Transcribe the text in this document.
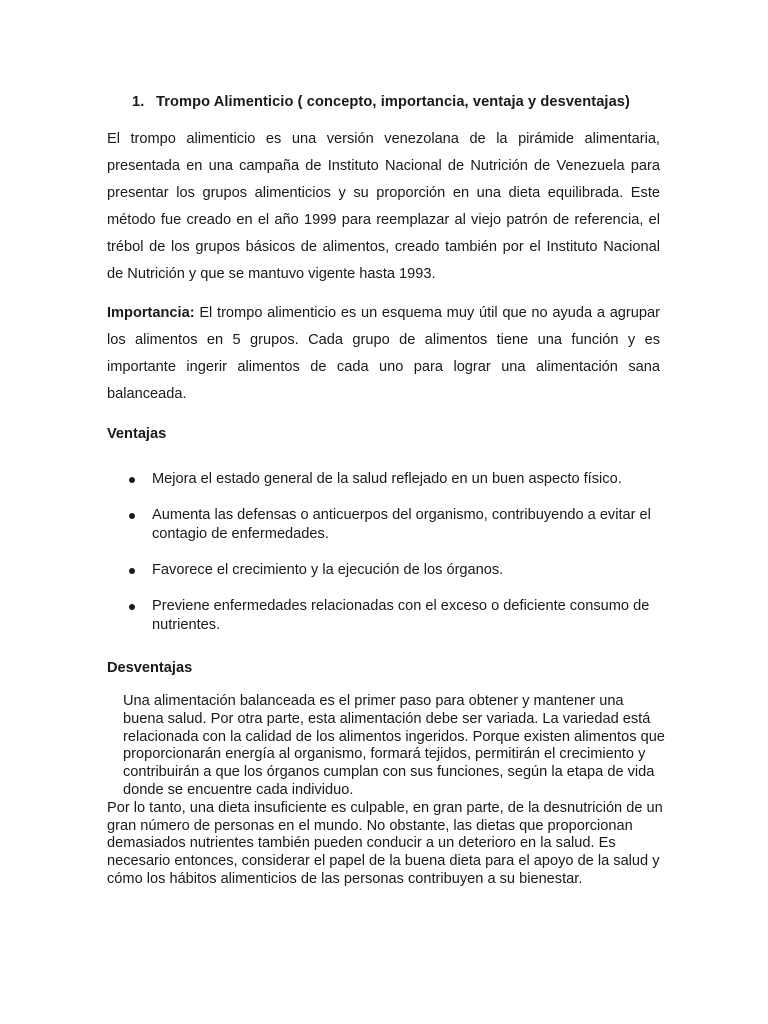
1. Trompo Alimenticio ( concepto, importancia, ventaja y desventajas)
El trompo alimenticio es una versión venezolana de la pirámide alimentaria, presentada en una campaña de Instituto Nacional de Nutrición de Venezuela para presentar los grupos alimenticios y su proporción en una dieta equilibrada. Este método fue creado en el año 1999 para reemplazar al viejo patrón de referencia, el trébol de los grupos básicos de alimentos, creado también por el Instituto Nacional de Nutrición y que se mantuvo vigente hasta 1993.
Importancia: El trompo alimenticio es un esquema muy útil que no ayuda a agrupar los alimentos en 5 grupos. Cada grupo de alimentos tiene una función y es importante ingerir alimentos de cada uno para lograr una alimentación sana balanceada.
Ventajas
Mejora el estado general de la salud reflejado en un buen aspecto físico.
Aumenta las defensas o anticuerpos del organismo, contribuyendo a evitar el contagio de enfermedades.
Favorece el crecimiento y la ejecución de los órganos.
Previene enfermedades relacionadas con el exceso o deficiente consumo de nutrientes.
Desventajas

Una alimentación balanceada es el primer paso para obtener y mantener una buena salud. Por otra parte, esta alimentación debe ser variada. La variedad está relacionada con la calidad de los alimentos ingeridos. Porque existen alimentos que proporcionarán energía al organismo, formará tejidos, permitirán el crecimiento y contribuirán a que los órganos cumplan con sus funciones, según la etapa de vida donde se encuentre cada individuo.

Por lo tanto, una dieta insuficiente es culpable, en gran parte, de la desnutrición de un gran número de personas en el mundo. No obstante, las dietas que proporcionan demasiados nutrientes también pueden conducir a un deterioro en la salud. Es necesario entonces, considerar el papel de la buena dieta para el apoyo de la salud y cómo los hábitos alimenticios de las personas contribuyen a su bienestar.
